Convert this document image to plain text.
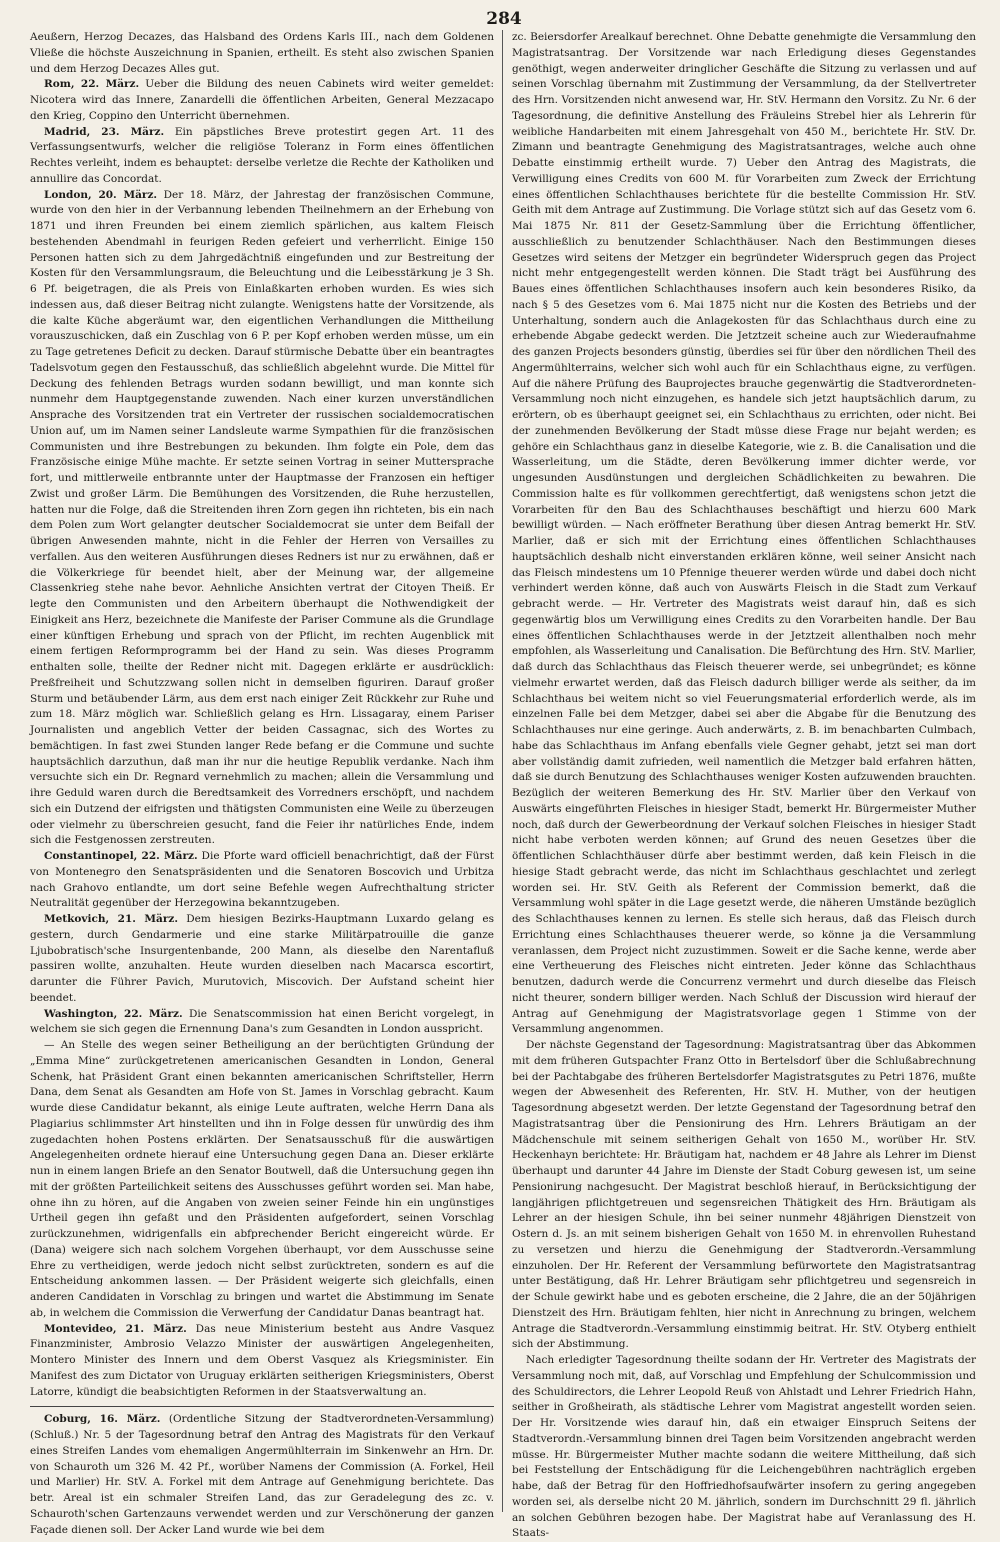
284

Aeußern, Herzog Decazes, das Halsband des Ordens Karls III., nach dem Goldenen Vließe die höchste Auszeichnung in Spanien, ertheilt. Es steht also zwischen Spanien und dem Herzog Decazes Alles gut.

Rom, 22. März. Ueber die Bildung des neuen Cabinets wird weiter gemeldet: Nicotera wird das Innere, Zanardelli die öffentlichen Arbeiten, General Mezzacapo den Krieg, Coppino den Unterricht übernehmen.

Madrid, 23. März. Ein päpstliches Breve protestirt gegen Art. 11 des Verfassungsentwurfs, welcher die religiöse Toleranz in Form eines öffentlichen Rechtes verleiht, indem es behauptet: derselbe verletze die Rechte der Katholiken und annullire das Concordat.

London, 20. März. Der 18. März, der Jahrestag der französischen Commune, wurde von den hier in der Verbannung lebenden Theilnehmern an der Erhebung von 1871 und ihren Freunden bei einem ziemlich spärlichen, aus kaltem Fleisch bestehenden Abendmahl in feurigen Reden gefeiert und verherrlicht. Einige 150 Personen hatten sich zu dem Jahrgedächtniß eingefunden und zur Bestreitung der Kosten für den Versammlungsraum, die Beleuchtung und die Leibesstärkung je 3 Sh. 6 Pf. beigetragen, die als Preis von Einlaßkarten erhoben wurden. Es wies sich indessen aus, daß dieser Beitrag nicht zulangte. Wenigstens hatte der Vorsitzende, als die kalte Küche abgeräumt war, den eigentlichen Verhandlungen die Mittheilung vorauszuschicken, daß ein Zuschlag von 6 P. per Kopf erhoben werden müsse, um ein zu Tage getretenes Deficit zu decken. Darauf stürmische Debatte über ein beantragtes Tadelsvotum gegen den Festausschuß, das schließlich abgelehnt wurde. Die Mittel für Deckung des fehlenden Betrags wurden sodann bewilligt, und man konnte sich nunmehr dem Hauptgegenstande zuwenden. Nach einer kurzen unverständlichen Ansprache des Vorsitzenden trat ein Vertreter der russischen socialdemocratischen Union auf, um im Namen seiner Landsleute warme Sympathien für die französischen Communisten und ihre Bestrebungen zu bekunden. Ihm folgte ein Pole, dem das Französische einige Mühe machte. Er setzte seinen Vortrag in seiner Muttersprache fort, und mittlerweile entbrannte unter der Hauptmasse der Franzosen ein heftiger Zwist und großer Lärm. Die Bemühungen des Vorsitzenden, die Ruhe herzustellen, hatten nur die Folge, daß die Streitenden ihren Zorn gegen ihn richteten, bis ein nach dem Polen zum Wort gelangter deutscher Socialdemocrat sie unter dem Beifall der übrigen Anwesenden mahnte, nicht in die Fehler der Herren von Versailles zu verfallen. Aus den weiteren Ausführungen dieses Redners ist nur zu erwähnen, daß er die Völkerkriege für beendet hielt, aber der Meinung war, der allgemeine Classenkrieg stehe nahe bevor. Aehnliche Ansichten vertrat der Citoyen Theiß. Er legte den Communisten und den Arbeitern überhaupt die Nothwendigkeit der Einigkeit ans Herz, bezeichnete die Manifeste der Pariser Commune als die Grundlage einer künftigen Erhebung und sprach von der Pflicht, im rechten Augenblick mit einem fertigen Reformprogramm bei der Hand zu sein. Was dieses Programm enthalten solle, theilte der Redner nicht mit. Dagegen erklärte er ausdrücklich: Preßfreiheit und Schutzzwang sollen nicht in demselben figuriren. Darauf großer Sturm und betäubender Lärm, aus dem erst nach einiger Zeit Rückkehr zur Ruhe und zum 18. März möglich war. Schließlich gelang es Hrn. Lissagaray, einem Pariser Journalisten und angeblich Vetter der beiden Cassagnac, sich des Wortes zu bemächtigen. In fast zwei Stunden langer Rede befang er die Commune und suchte hauptsächlich darzuthun, daß man ihr nur die heutige Republik verdanke. Nach ihm versuchte sich ein Dr. Regnard vernehmlich zu machen; allein die Versammlung und ihre Geduld waren durch die Beredtsamkeit des Vorredners erschöpft, und nachdem sich ein Dutzend der eifrigsten und thätigsten Communisten eine Weile zu überzeugen oder vielmehr zu überschreien gesucht, fand die Feier ihr natürliches Ende, indem sich die Festgenossen zerstreuten.

Constantinopel, 22. März. Die Pforte ward officiell benachrichtigt, daß der Fürst von Montenegro den Senatspräsidenten und die Senatoren Boscovich und Urbitza nach Grahovo entlandte, um dort seine Befehle wegen Aufrechthaltung stricter Neutralität gegenüber der Herzegowina bekanntzugeben.

Metkovich, 21. März. Dem hiesigen Bezirks-Hauptmann Luxardo gelang es gestern, durch Gendarmerie und eine starke Militärpatrouille die ganze Ljubobratisch'sche Insurgentenbande, 200 Mann, als dieselbe den Narentafluß passiren wollte, anzuhalten. Heute wurden dieselben nach Macarsca escortirt, darunter die Führer Pavich, Murutovich, Miscovich. Der Aufstand scheint hier beendet.

Washington, 22. März. Die Senatscommission hat einen Bericht vorgelegt, in welchem sie sich gegen die Ernennung Dana's zum Gesandten in London ausspricht.

— An Stelle des wegen seiner Betheiligung an der berüchtigten Gründung der „Emma Mine“ zurückgetretenen americanischen Gesandten in London, General Schenk, hat Präsident Grant einen bekannten americanischen Schriftsteller, Herrn Dana, dem Senat als Gesandten am Hofe von St. James in Vorschlag gebracht. Kaum wurde diese Candidatur bekannt, als einige Leute auftraten, welche Herrn Dana als Plagiarius schlimmster Art hinstellten und ihn in Folge dessen für unwürdig des ihm zugedachten hohen Postens erklärten. Der Senatsausschuß für die auswärtigen Angelegenheiten ordnete hierauf eine Untersuchung gegen Dana an. Dieser erklärte nun in einem langen Briefe an den Senator Boutwell, daß die Untersuchung gegen ihn mit der größten Parteilichkeit seitens des Ausschusses geführt worden sei. Man habe, ohne ihn zu hören, auf die Angaben von zweien seiner Feinde hin ein ungünstiges Urtheil gegen ihn gefaßt und den Präsidenten aufgefordert, seinen Vorschlag zurückzunehmen, widrigenfalls ein abfprechender Bericht eingereicht würde. Er (Dana) weigere sich nach solchem Vorgehen überhaupt, vor dem Ausschusse seine Ehre zu vertheidigen, werde jedoch nicht selbst zurücktreten, sondern es auf die Entscheidung ankommen lassen. — Der Präsident weigerte sich gleichfalls, einen anderen Candidaten in Vorschlag zu bringen und wartet die Abstimmung im Senate ab, in welchem die Commission die Verwerfung der Candidatur Danas beantragt hat.

Montevideo, 21. März. Das neue Ministerium besteht aus Andre Vasquez Finanzminister, Ambrosio Velazzo Minister der auswärtigen Angelegenheiten, Montero Minister des Innern und dem Oberst Vasquez als Kriegsminister. Ein Manifest des zum Dictator von Uruguay erklärten seitherigen Kriegsministers, Oberst Latorre, kündigt die beabsichtigten Reformen in der Staatsverwaltung an.

Coburg, 16. März. (Ordentliche Sitzung der Stadtverordneten-Versammlung) (Schluß.) Nr. 5 der Tagesordnung betraf den Antrag des Magistrats für den Verkauf eines Streifen Landes vom ehemaligen Angermühlterrain im Sinkenwehr an Hrn. Dr. von Schauroth um 326 M. 42 Pf., worüber Namens der Commission (A. Forkel, Heil und Marlier) Hr. StV. A. Forkel mit dem Antrage auf Genehmigung berichtete. Das betr. Areal ist ein schmaler Streifen Land, das zur Geradelegung des zc. v. Schauroth'schen Gartenzauns verwendet werden und zur Verschönerung der ganzen Façade dienen soll. Der Acker Land wurde wie bei dem

zc. Beiersdorfer Arealkauf berechnet. Ohne Debatte genehmigte die Versammlung den Magistratsantrag. Der Vorsitzende war nach Erledigung dieses Gegenstandes genöthigt, wegen anderweiter dringlicher Geschäfte die Sitzung zu verlassen und auf seinen Vorschlag übernahm mit Zustimmung der Versammlung, da der Stellvertreter des Hrn. Vorsitzenden nicht anwesend war, Hr. StV. Hermann den Vorsitz. Zu Nr. 6 der Tagesordnung, die definitive Anstellung des Fräuleins Strebel hier als Lehrerin für weibliche Handarbeiten mit einem Jahresgehalt von 450 M., berichtete Hr. StV. Dr. Zimann und beantragte Genehmigung des Magistratsantrages, welche auch ohne Debatte einstimmig ertheilt wurde. 7) Ueber den Antrag des Magistrats, die Verwilligung eines Credits von 600 M. für Vorarbeiten zum Zweck der Errichtung eines öffentlichen Schlachthauses berichtete für die bestellte Commission Hr. StV. Geith mit dem Antrage auf Zustimmung. Die Vorlage stützt sich auf das Gesetz vom 6. Mai 1875 Nr. 811 der Gesetz-Sammlung über die Errichtung öffentlicher, ausschließlich zu benutzender Schlachthäuser. Nach den Bestimmungen dieses Gesetzes wird seitens der Metzger ein begründeter Widerspruch gegen das Project nicht mehr entgegengestellt werden können. Die Stadt trägt bei Ausführung des Baues eines öffentlichen Schlachthauses insofern auch kein besonderes Risiko, da nach § 5 des Gesetzes vom 6. Mai 1875 nicht nur die Kosten des Betriebs und der Unterhaltung, sondern auch die Anlagekosten für das Schlachthaus durch eine zu erhebende Abgabe gedeckt werden. Die Jetztzeit scheine auch zur Wiederaufnahme des ganzen Projects besonders günstig, überdies sei für über den nördlichen Theil des Angermühlterrains, welcher sich wohl auch für ein Schlachthaus eigne, zu verfügen. Auf die nähere Prüfung des Bauprojectes brauche gegenwärtig die Stadtverordneten-Versammlung noch nicht einzugehen, es handele sich jetzt hauptsächlich darum, zu erörtern, ob es überhaupt geeignet sei, ein Schlachthaus zu errichten, oder nicht. Bei der zunehmenden Bevölkerung der Stadt müsse diese Frage nur bejaht werden; es gehöre ein Schlachthaus ganz in dieselbe Kategorie, wie z. B. die Canalisation und die Wasserleitung, um die Städte, deren Bevölkerung immer dichter werde, vor ungesunden Ausdünstungen und dergleichen Schädlichkeiten zu bewahren. Die Commission halte es für vollkommen gerechtfertigt, daß wenigstens schon jetzt die Vorarbeiten für den Bau des Schlachthauses beschäftigt und hierzu 600 Mark bewilligt würden. — Nach eröffneter Berathung über diesen Antrag bemerkt Hr. StV. Marlier, daß er sich mit der Errichtung eines öffentlichen Schlachthauses hauptsächlich deshalb nicht einverstanden erklären könne, weil seiner Ansicht nach das Fleisch mindestens um 10 Pfennige theuerer werden würde und dabei doch nicht verhindert werden könne, daß auch von Auswärts Fleisch in die Stadt zum Verkauf gebracht werde. — Hr. Vertreter des Magistrats weist darauf hin, daß es sich gegenwärtig blos um Verwilligung eines Credits zu den Vorarbeiten handle. Der Bau eines öffentlichen Schlachthauses werde in der Jetztzeit allenthalben noch mehr empfohlen, als Wasserleitung und Canalisation. Die Befürchtung des Hrn. StV. Marlier, daß durch das Schlachthaus das Fleisch theuerer werde, sei unbegründet; es könne vielmehr erwartet werden, daß das Fleisch dadurch billiger werde als seither, da im Schlachthaus bei weitem nicht so viel Feuerungsmaterial erforderlich werde, als im einzelnen Falle bei dem Metzger, dabei sei aber die Abgabe für die Benutzung des Schlachthauses nur eine geringe. Auch anderwärts, z. B. im benachbarten Culmbach, habe das Schlachthaus im Anfang ebenfalls viele Gegner gehabt, jetzt sei man dort aber vollständig damit zufrieden, weil namentlich die Metzger bald erfahren hätten, daß sie durch Benutzung des Schlachthauses weniger Kosten aufzuwenden brauchten. Bezüglich der weiteren Bemerkung des Hr. StV. Marlier über den Verkauf von Auswärts eingeführten Fleisches in hiesiger Stadt, bemerkt Hr. Bürgermeister Muther noch, daß durch der Gewerbeordnung der Verkauf solchen Fleisches in hiesiger Stadt nicht habe verboten werden können; auf Grund des neuen Gesetzes über die öffentlichen Schlachthäuser dürfe aber bestimmt werden, daß kein Fleisch in die hiesige Stadt gebracht werde, das nicht im Schlachthaus geschlachtet und zerlegt worden sei. Hr. StV. Geith als Referent der Commission bemerkt, daß die Versammlung wohl später in die Lage gesetzt werde, die näheren Umstände bezüglich des Schlachthauses kennen zu lernen. Es stelle sich heraus, daß das Fleisch durch Errichtung eines Schlachthauses theuerer werde, so könne ja die Versammlung veranlassen, dem Project nicht zuzustimmen. Soweit er die Sache kenne, werde aber eine Vertheuerung des Fleisches nicht eintreten. Jeder könne das Schlachthaus benutzen, dadurch werde die Concurrenz vermehrt und durch dieselbe das Fleisch nicht theurer, sondern billiger werden. Nach Schluß der Discussion wird hierauf der Antrag auf Genehmigung der Magistratsvorlage gegen 1 Stimme von der Versammlung angenommen.

Der nächste Gegenstand der Tagesordnung: Magistratsantrag über das Abkommen mit dem früheren Gutspachter Franz Otto in Bertelsdorf über die Schlußabrechnung bei der Pachtabgabe des früheren Bertelsdorfer Magistratsgutes zu Petri 1876, mußte wegen der Abwesenheit des Referenten, Hr. StV. H. Muther, von der heutigen Tagesordnung abgesetzt werden. Der letzte Gegenstand der Tagesordnung betraf den Magistratsantrag über die Pensionirung des Hrn. Lehrers Bräutigam an der Mädchenschule mit seinem seitherigen Gehalt von 1650 M., worüber Hr. StV. Heckenhayn berichtete: Hr. Bräutigam hat, nachdem er 48 Jahre als Lehrer im Dienst überhaupt und darunter 44 Jahre im Dienste der Stadt Coburg gewesen ist, um seine Pensionirung nachgesucht. Der Magistrat beschloß hierauf, in Berücksichtigung der langjährigen pflichtgetreuen und segensreichen Thätigkeit des Hrn. Bräutigam als Lehrer an der hiesigen Schule, ihn bei seiner nunmehr 48jährigen Dienstzeit von Ostern d. Js. an mit seinem bisherigen Gehalt von 1650 M. in ehrenvollen Ruhestand zu versetzen und hierzu die Genehmigung der Stadtverordn.-Versammlung einzuholen. Der Hr. Referent der Versammlung befürwortete den Magistratsantrag unter Bestätigung, daß Hr. Lehrer Bräutigam sehr pflichtgetreu und segensreich in der Schule gewirkt habe und es geboten erscheine, die 2 Jahre, die an der 50jährigen Dienstzeit des Hrn. Bräutigam fehlten, hier nicht in Anrechnung zu bringen, welchem Antrage die Stadtverordn.-Versammlung einstimmig beitrat. Hr. StV. Otyberg enthielt sich der Abstimmung.

Nach erledigter Tagesordnung theilte sodann der Hr. Vertreter des Magistrats der Versammlung noch mit, daß, auf Vorschlag und Empfehlung der Schulcommission und des Schuldirectors, die Lehrer Leopold Reuß von Ahlstadt und Lehrer Friedrich Hahn, seither in Großheirath, als städtische Lehrer vom Magistrat angestellt worden seien. Der Hr. Vorsitzende wies darauf hin, daß ein etwaiger Einspruch Seitens der Stadtverordn.-Versammlung binnen drei Tagen beim Vorsitzenden angebracht werden müsse. Hr. Bürgermeister Muther machte sodann die weitere Mittheilung, daß sich bei Feststellung der Entschädigung für die Leichengebühren nachträglich ergeben habe, daß der Betrag für den Hoffriedhofsaufwärter insofern zu gering angegeben worden sei, als derselbe nicht 20 M. jährlich, sondern im Durchschnitt 29 fl. jährlich an solchen Gebühren bezogen habe. Der Magistrat habe auf Veranlassung des H. Staats-
